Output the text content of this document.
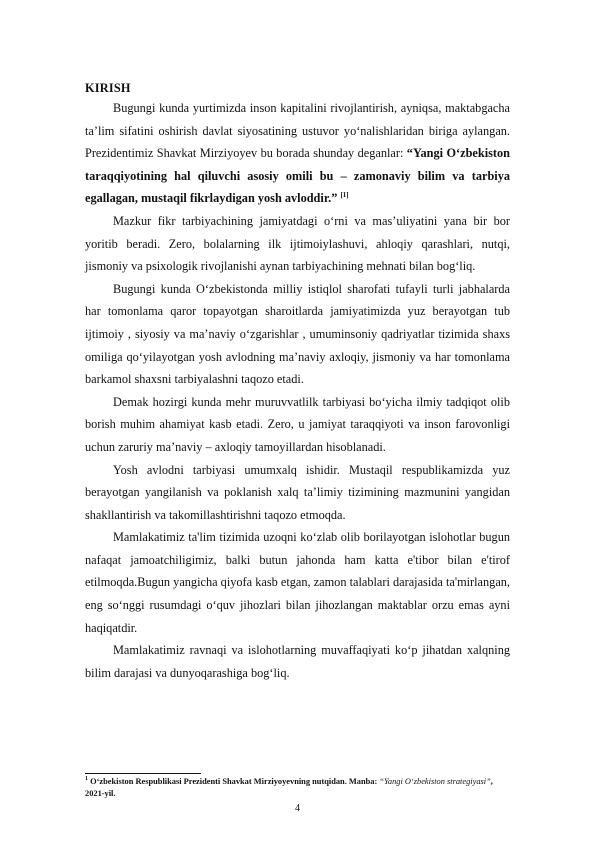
KIRISH

Bugungi kunda yurtimizda inson kapitalini rivojlantirish, ayniqsa, maktabgacha ta’lim sifatini oshirish davlat siyosatining ustuvor yo‘nalishlaridan biriga aylangan. Prezidentimiz Shavkat Mirziyoyev bu borada shunday deganlar: “Yangi O‘zbekiston taraqqiyotining hal qiluvchi asosiy omili bu – zamonaviy bilim va tarbiya egallagan, mustaqil fikrlaydigan yosh avloddir.” [1]

Mazkur fikr tarbiyachining jamiyatdagi o‘rni va mas’uliyatini yana bir bor yoritib beradi. Zero, bolalarning ilk ijtimoiylashuvi, ahloqiy qarashlari, nutqi, jismoniy va psixologik rivojlanishi aynan tarbiyachining mehnati bilan bog‘liq.

Bugungi kunda O‘zbekistonda milliy istiqlol sharofati tufayli turli jabhalarda har tomonlama qaror topayotgan sharoitlarda jamiyatimizda yuz berayotgan tub ijtimoiy , siyosiy va ma’naviy o‘zgarishlar , umuminsoniy qadriyatlar tizimida shaxs omiliga qo‘yilayotgan yosh avlodning ma’naviy axloqiy, jismoniy va har tomonlama barkamol shaxsni tarbiyalashni taqozo etadi.

Demak hozirgi kunda mehr muruvvatlilk tarbiyasi bo‘yicha ilmiy tadqiqot olib borish muhim ahamiyat kasb etadi. Zero, u jamiyat taraqqiyoti va inson farovonligi uchun zaruriy ma’naviy – axloqiy tamoyillardan hisoblanadi.

Yosh avlodni tarbiyasi umumxalq ishidir. Mustaqil respublikamizda yuz berayotgan yangilanish va poklanish xalq ta’limiy tizimining mazmunini yangidan shakllantirish va takomillashtirishni taqozo etmoqda.

Mamlakatimiz ta'lim tizimida uzoqni ko‘zlab olib borilayotgan islohotlar bugun nafaqat jamoatchiligimiz, balki butun jahonda ham katta e'tibor bilan e'tirof etilmoqda.Bugun yangicha qiyofa kasb etgan, zamon talablari darajasida ta'mirlangan, eng so‘nggi rusumdagi o‘quv jihozlari bilan jihozlangan maktablar orzu emas ayni haqiqatdir.

Mamlakatimiz ravnaqi va islohotlarning muvaffaqiyati ko‘p jihatdan xalqning bilim darajasi va dunyoqarashiga bog‘liq.

$^1$ O‘zbekiston Respublikasi Prezidenti Shavkat Mirziyoyevning nutqidan. Manba: “Yangi O‘zbekiston strategiyasi”, 2021-yil.
4
